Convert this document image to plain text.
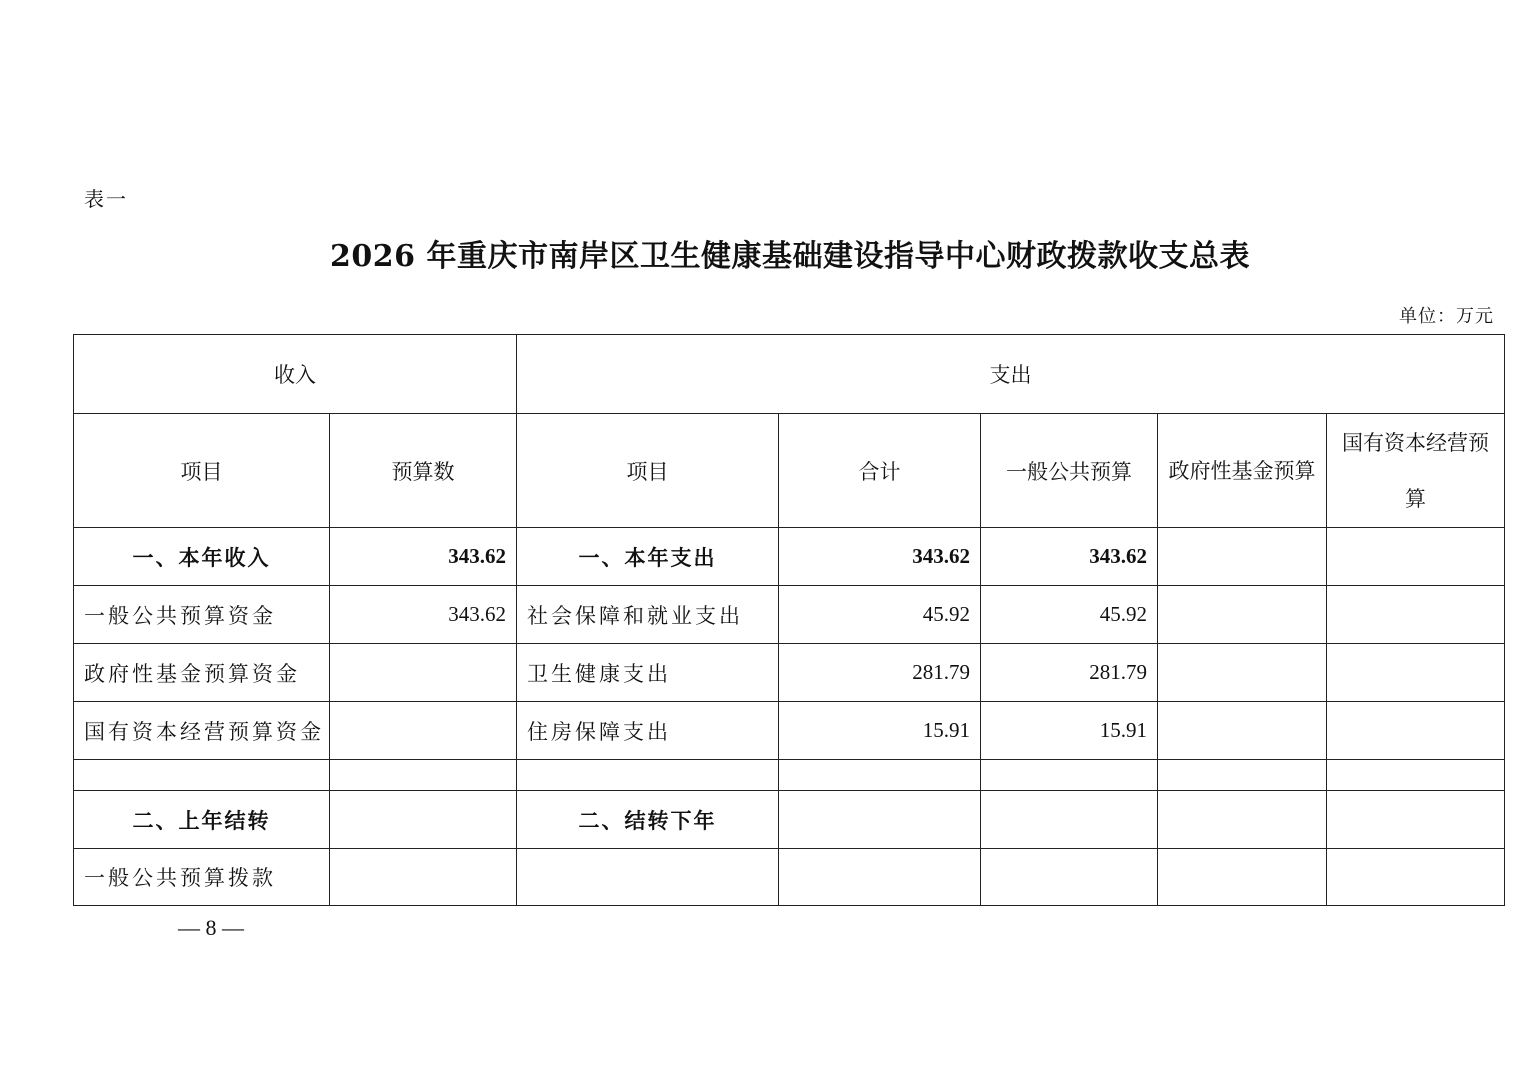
表一
2026 年重庆市南岸区卫生健康基础建设指导中心财政拨款收支总表
单位：万元
收入		支出				
项目	预算数	项目	合计	一般公共预算	政府性基金预算	国有资本经营预算
一、本年收入	343.62	一、本年支出	343.62	343.62		
一般公共预算资金	343.62	社会保障和就业支出	45.92	45.92		
政府性基金预算资金		卫生健康支出	281.79	281.79		
国有资本经营预算资金		住房保障支出	15.91	15.91		

二、上年结转		二、结转下年				
一般公共预算拨款						
— 8 —
